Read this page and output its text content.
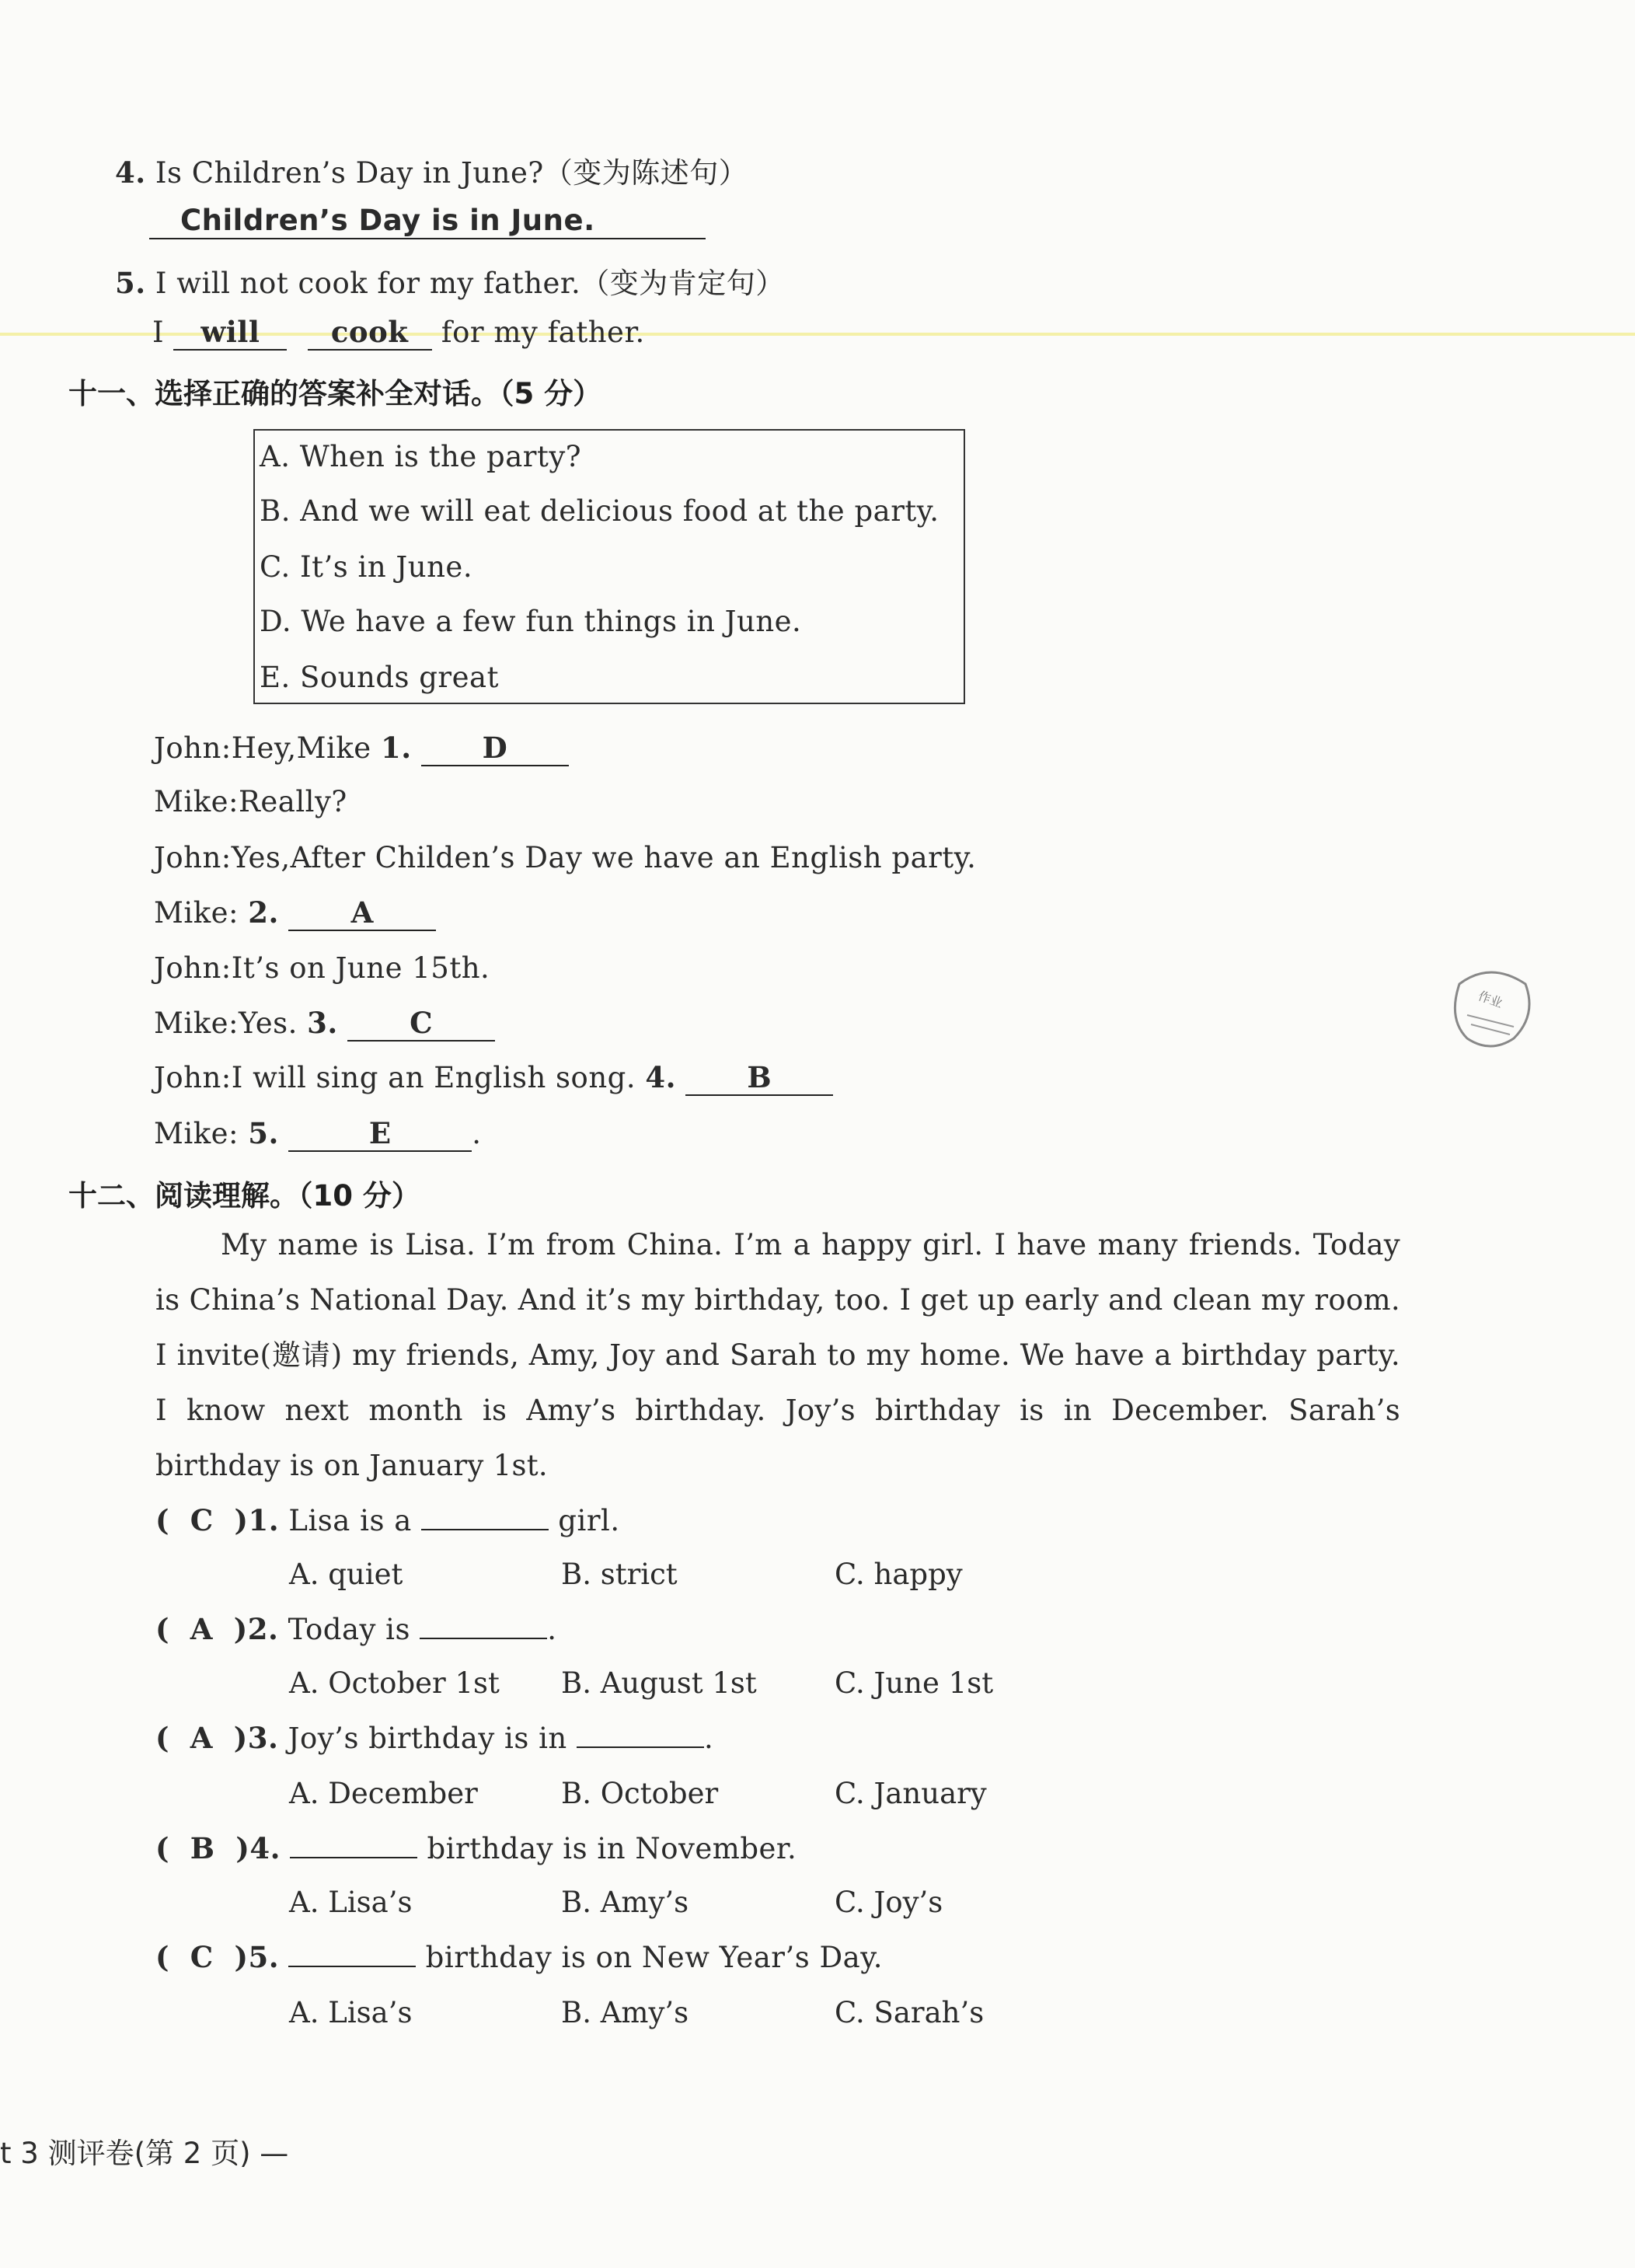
4. Is Children’s Day in June?（变为陈述句）
Children’s Day is in June.
5. I will not cook for my father.（变为肯定句）
I will cook for my father.
十一、选择正确的答案补全对话。（5 分）
A. When is the party?
B. And we will eat delicious food at the party.
C. It’s in June.
D. We have a few fun things in June.
E. Sounds great
John:Hey,Mike 1. D
Mike:Really?
John:Yes,After Childen’s Day we have an English party.
Mike: 2.	A
John:It’s on June 15th.
Mike:Yes. 3. C
John:I will sing an English song. 4. B
Mike: 5.	E	.
作业
十二、阅读理解。（10 分）
My name is Lisa. I’m from China. I’m a happy girl. I have many friends. Today is China’s National Day. And it’s my birthday, too. I get up early and clean my room. I invite(邀请) my friends, Amy, Joy and Sarah to my home. We have a birthday party. I know next month is Amy’s birthday. Joy’s birthday is in December. Sarah’s birthday is on January 1st.
(  C )1. Lisa is a	girl.
A. quiet	B. strict	C. happy
(  A )2. Today is	.
A. October 1st B. August 1st	C. June 1st
(  A )3. Joy’s birthday is in	.
A. December	B. October	C. January
(  B )4.	birthday is in November.
A. Lisa’s	B. Amy’s	C. Joy’s
(  C )5.	birthday is on New Year’s Day.
A. Lisa’s	B. Amy’s	C. Sarah’s
t 3 测评卷(第 2 页) —
